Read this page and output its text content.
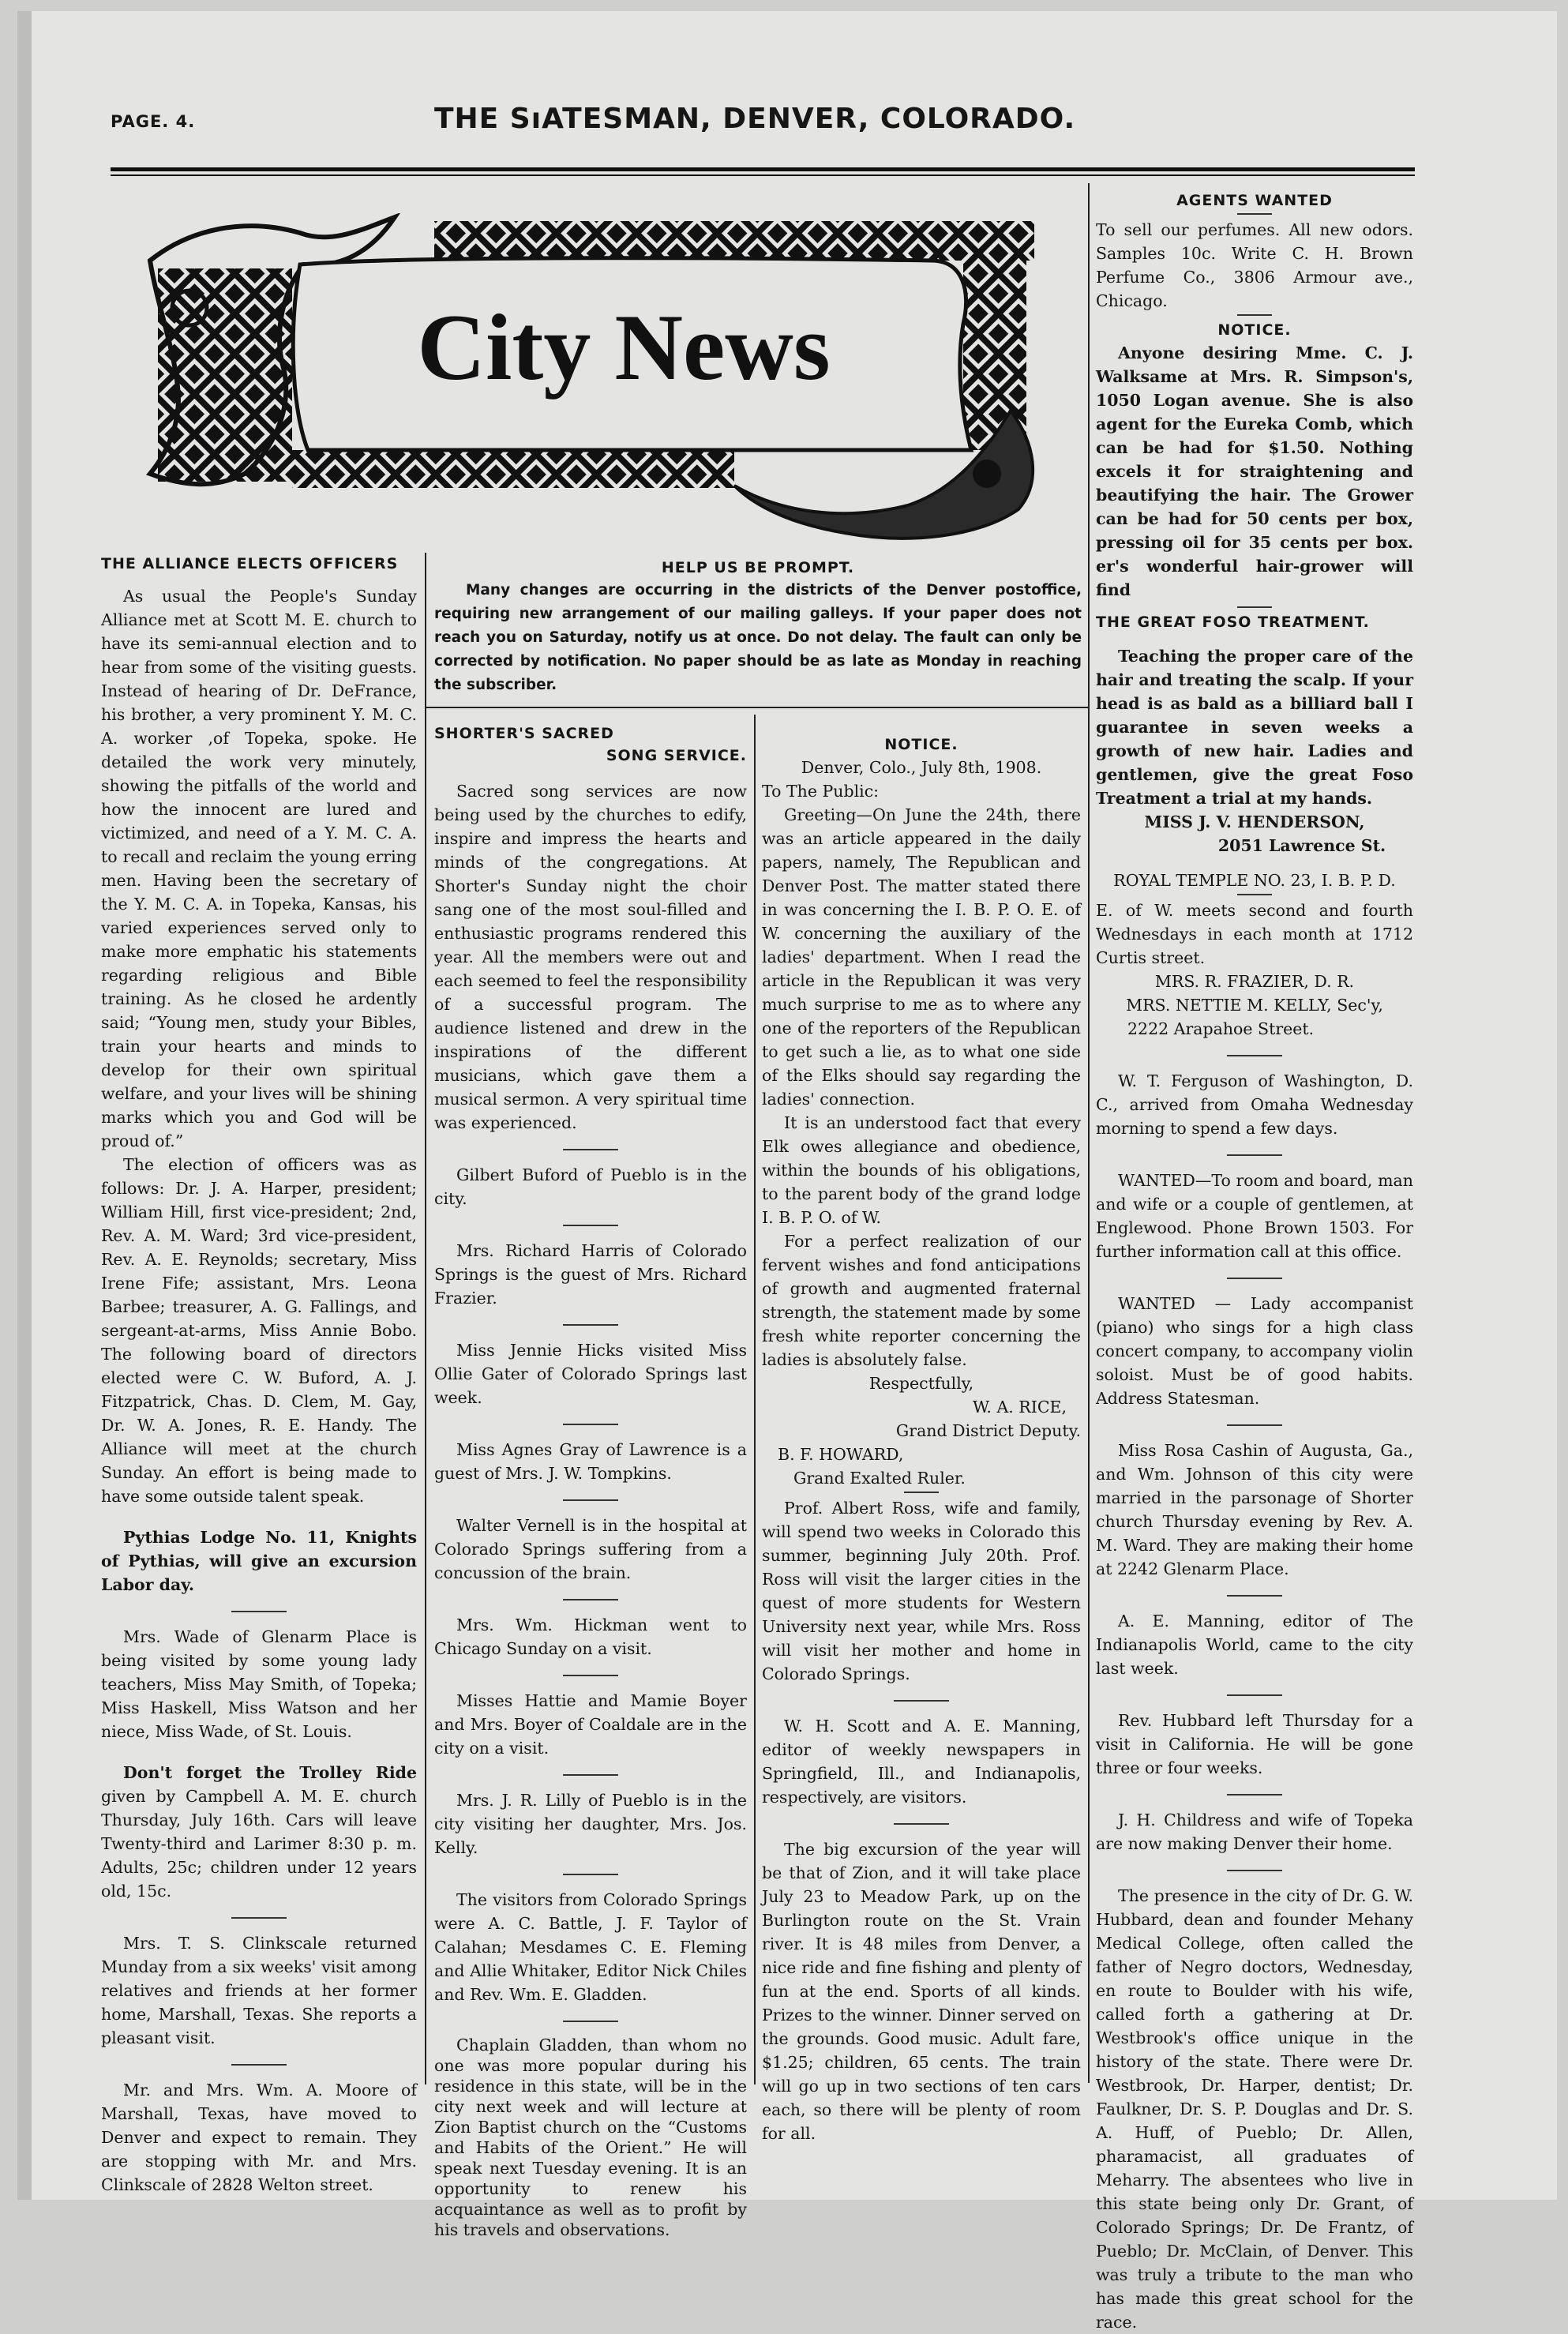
PAGE. 4.	THE SıATESMAN, DENVER, COLORADO.
City News
HELP US BE PROMPT.

Many changes are occurring in the districts of the Denver postoffice, requiring new arrangement of our mailing galleys. If your paper does not reach you on Saturday, notify us at once. Do not delay. The fault can only be corrected by notification. No paper should be as late as Monday in reaching the subscriber.

THE ALLIANCE ELECTS OFFICERS

As usual the People's Sunday Alliance met at Scott M. E. church to have its semi-annual election and to hear from some of the visiting guests. Instead of hearing of Dr. DeFrance, his brother, a very prominent Y. M. C. A. worker ,of Topeka, spoke. He detailed the work very minutely, showing the pitfalls of the world and how the innocent are lured and victimized, and need of a Y. M. C. A. to recall and reclaim the young erring men. Having been the secretary of the Y. M. C. A. in Topeka, Kansas, his varied experiences served only to make more emphatic his statements regarding religious and Bible training. As he closed he ardently said; “Young men, study your Bibles, train your hearts and minds to develop for their own spiritual welfare, and your lives will be shining marks which you and God will be proud of.”

The election of officers was as follows: Dr. J. A. Harper, president; William Hill, first vice-president; 2nd, Rev. A. M. Ward; 3rd vice-president, Rev. A. E. Reynolds; secretary, Miss Irene Fife; assistant, Mrs. Leona Barbee; treasurer, A. G. Fallings, and sergeant-at-arms, Miss Annie Bobo. The following board of directors elected were C. W. Buford, A. J. Fitzpatrick, Chas. D. Clem, M. Gay, Dr. W. A. Jones, R. E. Handy. The Alliance will meet at the church Sunday. An effort is being made to have some outside talent speak.

Pythias Lodge No. 11, Knights of Pythias, will give an excursion Labor day.

Mrs. Wade of Glenarm Place is being visited by some young lady teachers, Miss May Smith, of Topeka; Miss Haskell, Miss Watson and her niece, Miss Wade, of St. Louis.

Don't forget the Trolley Ride given by Campbell A. M. E. church Thursday, July 16th. Cars will leave Twenty-third and Larimer 8:30 p. m. Adults, 25c; children under 12 years old, 15c.

Mrs. T. S. Clinkscale returned Munday from a six weeks' visit among relatives and friends at her former home, Marshall, Texas. She reports a pleasant visit.

Mr. and Mrs. Wm. A. Moore of Marshall, Texas, have moved to Denver and expect to remain. They are stopping with Mr. and Mrs. Clinkscale of 2828 Welton street.

SHORTER'S SACRED
SONG SERVICE.

Sacred song services are now being used by the churches to edify, inspire and impress the hearts and minds of the congregations. At Shorter's Sunday night the choir sang one of the most soul-filled and enthusiastic programs rendered this year. All the members were out and each seemed to feel the responsibility of a successful program. The audience listened and drew in the inspirations of the different musicians, which gave them a musical sermon. A very spiritual time was experienced.

Gilbert Buford of Pueblo is in the city.

Mrs. Richard Harris of Colorado Springs is the guest of Mrs. Richard Frazier.

Miss Jennie Hicks visited Miss Ollie Gater of Colorado Springs last week.

Miss Agnes Gray of Lawrence is a guest of Mrs. J. W. Tompkins.

Walter Vernell is in the hospital at Colorado Springs suffering from a concussion of the brain.

Mrs. Wm. Hickman went to Chicago Sunday on a visit.

Misses Hattie and Mamie Boyer and Mrs. Boyer of Coaldale are in the city on a visit.

Mrs. J. R. Lilly of Pueblo is in the city visiting her daughter, Mrs. Jos. Kelly.

The visitors from Colorado Springs were A. C. Battle, J. F. Taylor of Calahan; Mesdames C. E. Fleming and Allie Whitaker, Editor Nick Chiles and Rev. Wm. E. Gladden.

Chaplain Gladden, than whom no one was more popular during his residence in this state, will be in the city next week and will lecture at Zion Baptist church on the “Customs and Habits of the Orient.” He will speak next Tuesday evening. It is an opportunity to renew his acquaintance as well as to profit by his travels and observations.

NOTICE.
Denver, Colo., July 8th, 1908.

To The Public:

Greeting—On June the 24th, there was an article appeared in the daily papers, namely, The Republican and Denver Post. The matter stated there in was concerning the I. B. P. O. E. of W. concerning the auxiliary of the ladies' department. When I read the article in the Republican it was very much surprise to me as to where any one of the reporters of the Republican to get such a lie, as to what one side of the Elks should say regarding the ladies' connection.

It is an understood fact that every Elk owes allegiance and obedience, within the bounds of his obligations, to the parent body of the grand lodge I. B. P. O. of W.

For a perfect realization of our fervent wishes and fond anticipations of growth and augmented fraternal strength, the statement made by some fresh white reporter concerning the ladies is absolutely false.

Respectfully,
W. A. RICE,
Grand District Deputy.
B. F. HOWARD,
Grand Exalted Ruler.

Prof. Albert Ross, wife and family, will spend two weeks in Colorado this summer, beginning July 20th. Prof. Ross will visit the larger cities in the quest of more students for Western University next year, while Mrs. Ross will visit her mother and home in Colorado Springs.

W. H. Scott and A. E. Manning, editor of weekly newspapers in Springfield, Ill., and Indianapolis, respectively, are visitors.

The big excursion of the year will be that of Zion, and it will take place July 23 to Meadow Park, up on the Burlington route on the St. Vrain river. It is 48 miles from Denver, a nice ride and fine fishing and plenty of fun at the end. Sports of all kinds. Prizes to the winner. Dinner served on the grounds. Good music. Adult fare, $1.25; children, 65 cents. The train will go up in two sections of ten cars each, so there will be plenty of room for all.

AGENTS WANTED

To sell our perfumes. All new odors. Samples 10c. Write C. H. Brown Perfume Co., 3806 Armour ave., Chicago.

NOTICE.

Anyone desiring Mme. C. J. Walksame at Mrs. R. Simpson's, 1050 Logan avenue. She is also agent for the Eureka Comb, which can be had for $1.50. Nothing excels it for straightening and beautifying the hair. The Grower can be had for 50 cents per box, pressing oil for 35 cents per box. er's wonderful hair-grower will find

THE GREAT FOSO TREATMENT.

Teaching the proper care of the hair and treating the scalp. If your head is as bald as a billiard ball I guarantee in seven weeks a growth of new hair. Ladies and gentlemen, give the great Foso Treatment a trial at my hands.

MISS J. V. HENDERSON,
2051 Lawrence St.
ROYAL TEMPLE NO. 23, I. B. P. D.

E. of W. meets second and fourth Wednesdays in each month at 1712 Curtis street.

MRS. R. FRAZIER, D. R.
MRS. NETTIE M. KELLY, Sec'y,
2222 Arapahoe Street.

W. T. Ferguson of Washington, D. C., arrived from Omaha Wednesday morning to spend a few days.

WANTED—To room and board, man and wife or a couple of gentlemen, at Englewood. Phone Brown 1503. For further information call at this office.

WANTED — Lady accompanist (piano) who sings for a high class concert company, to accompany violin soloist. Must be of good habits. Address Statesman.

Miss Rosa Cashin of Augusta, Ga., and Wm. Johnson of this city were married in the parsonage of Shorter church Thursday evening by Rev. A. M. Ward. They are making their home at 2242 Glenarm Place.

A. E. Manning, editor of The Indianapolis World, came to the city last week.

Rev. Hubbard left Thursday for a visit in California. He will be gone three or four weeks.

J. H. Childress and wife of Topeka are now making Denver their home.

The presence in the city of Dr. G. W. Hubbard, dean and founder Mehany Medical College, often called the father of Negro doctors, Wednesday, en route to Boulder with his wife, called forth a gathering at Dr. Westbrook's office unique in the history of the state. There were Dr. Westbrook, Dr. Harper, dentist; Dr. Faulkner, Dr. S. P. Douglas and Dr. S. A. Huff, of Pueblo; Dr. Allen, pharamacist, all graduates of Meharry. The absentees who live in this state being only Dr. Grant, of Colorado Springs; Dr. De Frantz, of Pueblo; Dr. McClain, of Denver. This was truly a tribute to the man who has made this great school for the race.
